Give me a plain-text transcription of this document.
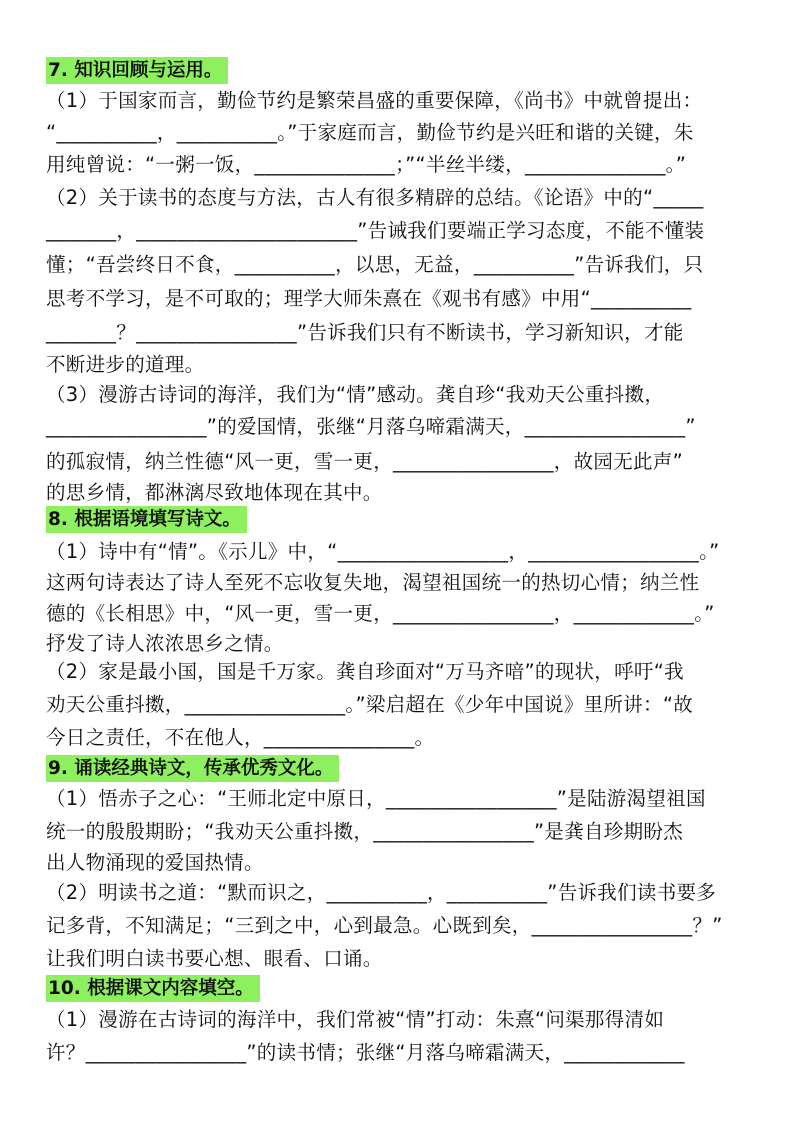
7. 知识回顾与运用。
（1）于国家而言，勤俭节约是繁荣昌盛的重要保障，《尚书》中就曾提出：
“__________，__________。”于家庭而言，勤俭节约是兴旺和谐的关键，朱
用纯曾说：“一粥一饭，______________；”“半丝半缕，______________。”
（2）关于读书的态度与方法，古人有很多精辟的总结。《论语》中的“_____
_______，______________________”告诫我们要端正学习态度，不能不懂装
懂；“吾尝终日不食，__________，以思，无益，__________”告诉我们，只
思考不学习，是不可取的；理学大师朱熹在《观书有感》中用“__________
_______？________________”告诉我们只有不断读书，学习新知识，才能
不断进步的道理。
（3）漫游古诗词的海洋，我们为“情”感动。龚自珍“我劝天公重抖擞，
________________”的爱国情，张继“月落乌啼霜满天，________________”
的孤寂情，纳兰性德“风一更，雪一更，________________，故园无此声”
的思乡情，都淋漓尽致地体现在其中。
8. 根据语境填写诗文。
（1）诗中有“情”。《示儿》中，“_________________，_________________。”
这两句诗表达了诗人至死不忘收复失地，渴望祖国统一的热切心情；纳兰性
德的《长相思》中，“风一更，雪一更，________________，____________。”
抒发了诗人浓浓思乡之情。
（2）家是最小国，国是千万家。龚自珍面对“万马齐喑”的现状，呼吁“我
劝天公重抖擞，________________。”梁启超在《少年中国说》里所讲：“故
今日之责任，不在他人，_______________。
9. 诵读经典诗文，传承优秀文化。
（1）悟赤子之心：“王师北定中原日，_________________”是陆游渴望祖国
统一的殷殷期盼；“我劝天公重抖擞，________________”是龚自珍期盼杰
出人物涌现的爱国热情。
（2）明读书之道：“默而识之，__________，__________”告诉我们读书要多
记多背，不知满足；“三到之中，心到最急。心既到矣，________________？”
让我们明白读书要心想、眼看、口诵。
10. 根据课文内容填空。
（1）漫游在古诗词的海洋中，我们常被“情”打动：朱熹“问渠那得清如
许？________________”的读书情；张继“月落乌啼霜满天，____________
